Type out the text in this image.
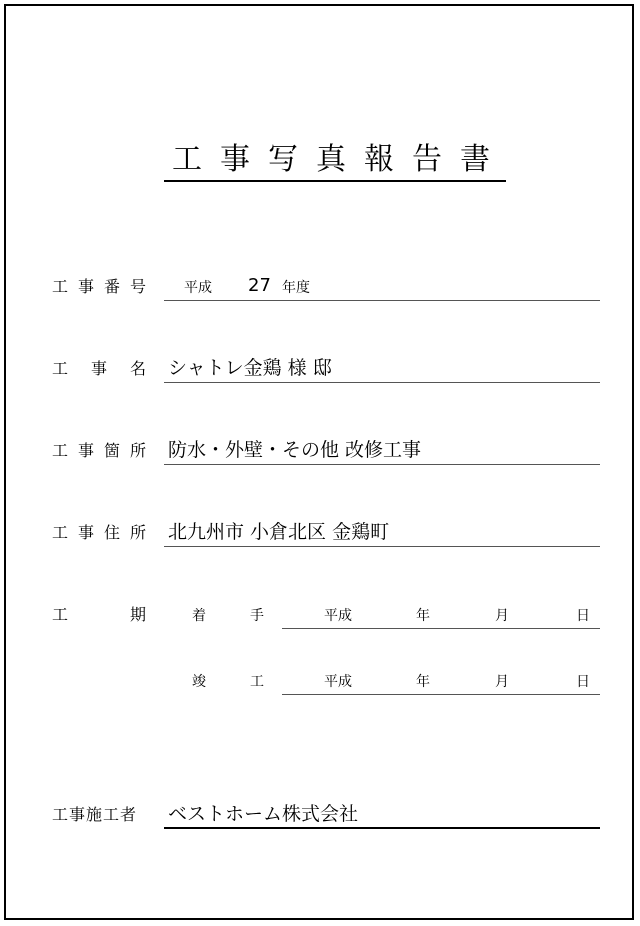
工 事 写 真 報 告 書
工 事 番 号	平成 27 年度
工 事 名 シャトレ金鶏 様 邸
工 事 箇 所 防水・外壁・その他 改修工事
工 事 住 所 北九州市 小倉北区 金鶏町
工	期	着	手	平成	年	月	日
竣	工	平成	年	月	日
工事施工者	ベストホーム株式会社
